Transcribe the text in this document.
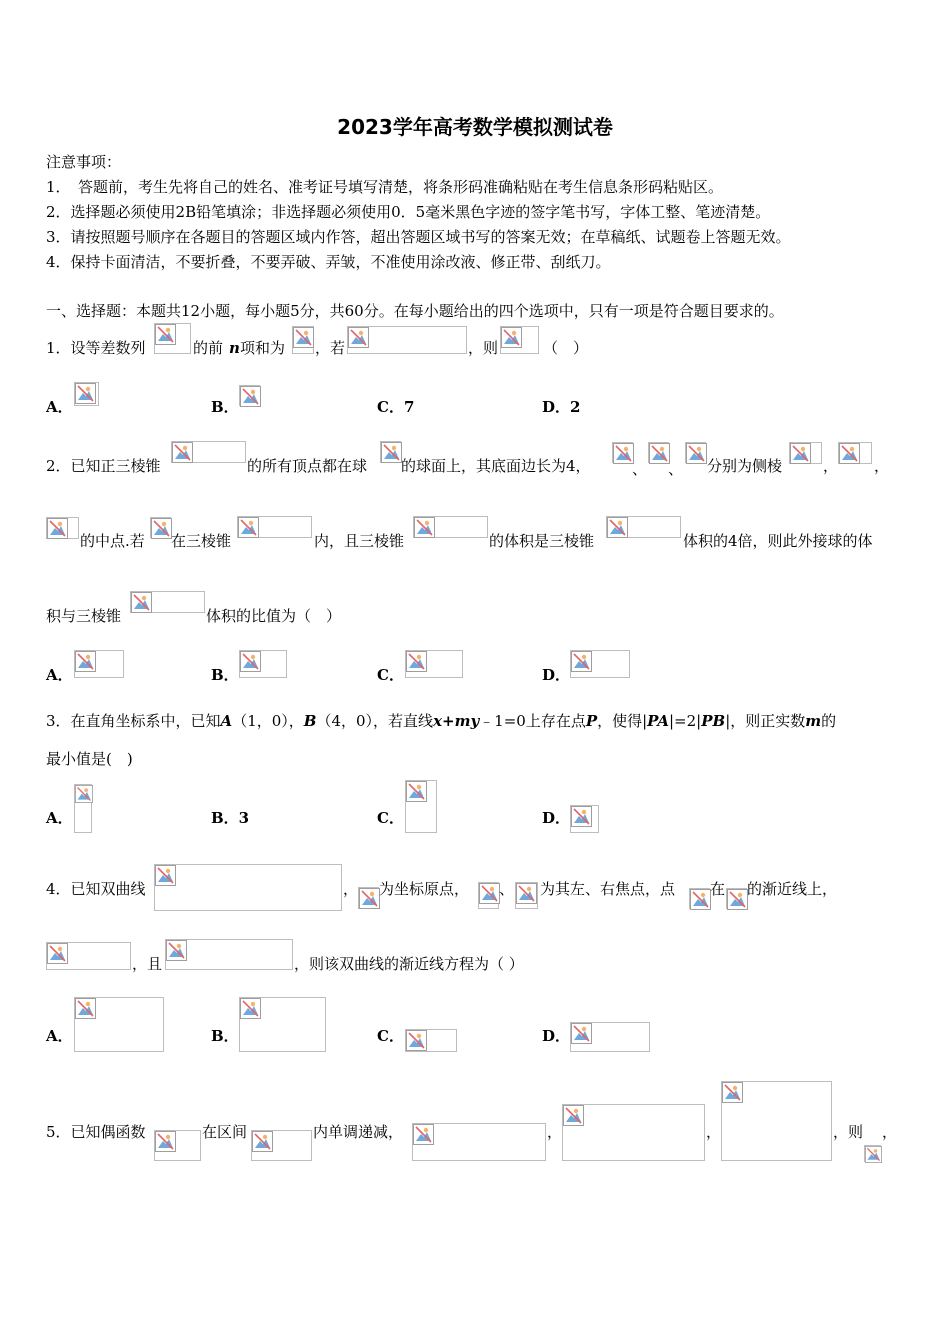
2023学年高考数学模拟测试卷
注意事项：
1．　答题前，考生先将自己的姓名、准考证号填写清楚，将条形码准确粘贴在考生信息条形码粘贴区。
2．选择题必须使用2B铅笔填涂；非选择题必须使用0．5毫米黑色字迹的签字笔书写，字体工整、笔迹清楚。
3．请按照题号顺序在各题目的答题区域内作答，超出答题区域书写的答案无效；在草稿纸、试题卷上答题无效。
4．保持卡面清洁，不要折叠，不要弄破、弄皱，不准使用涂改液、修正带、刮纸刀。
一、选择题：本题共12小题，每小题5分，共60分。在每小题给出的四个选项中，只有一项是符合题目要求的。
1．设等差数列	的前 n 项和为 ，若	，则	（　）
A．	B．	C．7	D．2
2．已知正三棱锥	的所有顶点都在球 的球面上，其底面边长为4，	、 、 分别为侧棱	， ，
的中点.若 在三棱锥	内，且三棱锥	的体积是三棱锥	体积的4倍，则此外接球的体
积与三棱锥	体积的比值为（　）
A．	B．	C．	D．
3．在直角坐标系中，已知A（1，0），B（4，0），若直线x+my﹣1=0上存在点P，使得|PA|=2|PB|，则正实数m的
最小值是(　)
A．	B．3	C．	D．
4．已知双曲线	， 为坐标原点， 、 为其左、右焦点，点 在 的渐近线上，
，且	，则该双曲线的渐近线方程为（ ）
A．	B．	C．	D．
5．已知偶函数	在区间	内单调递减，	，	，	，则 ，
